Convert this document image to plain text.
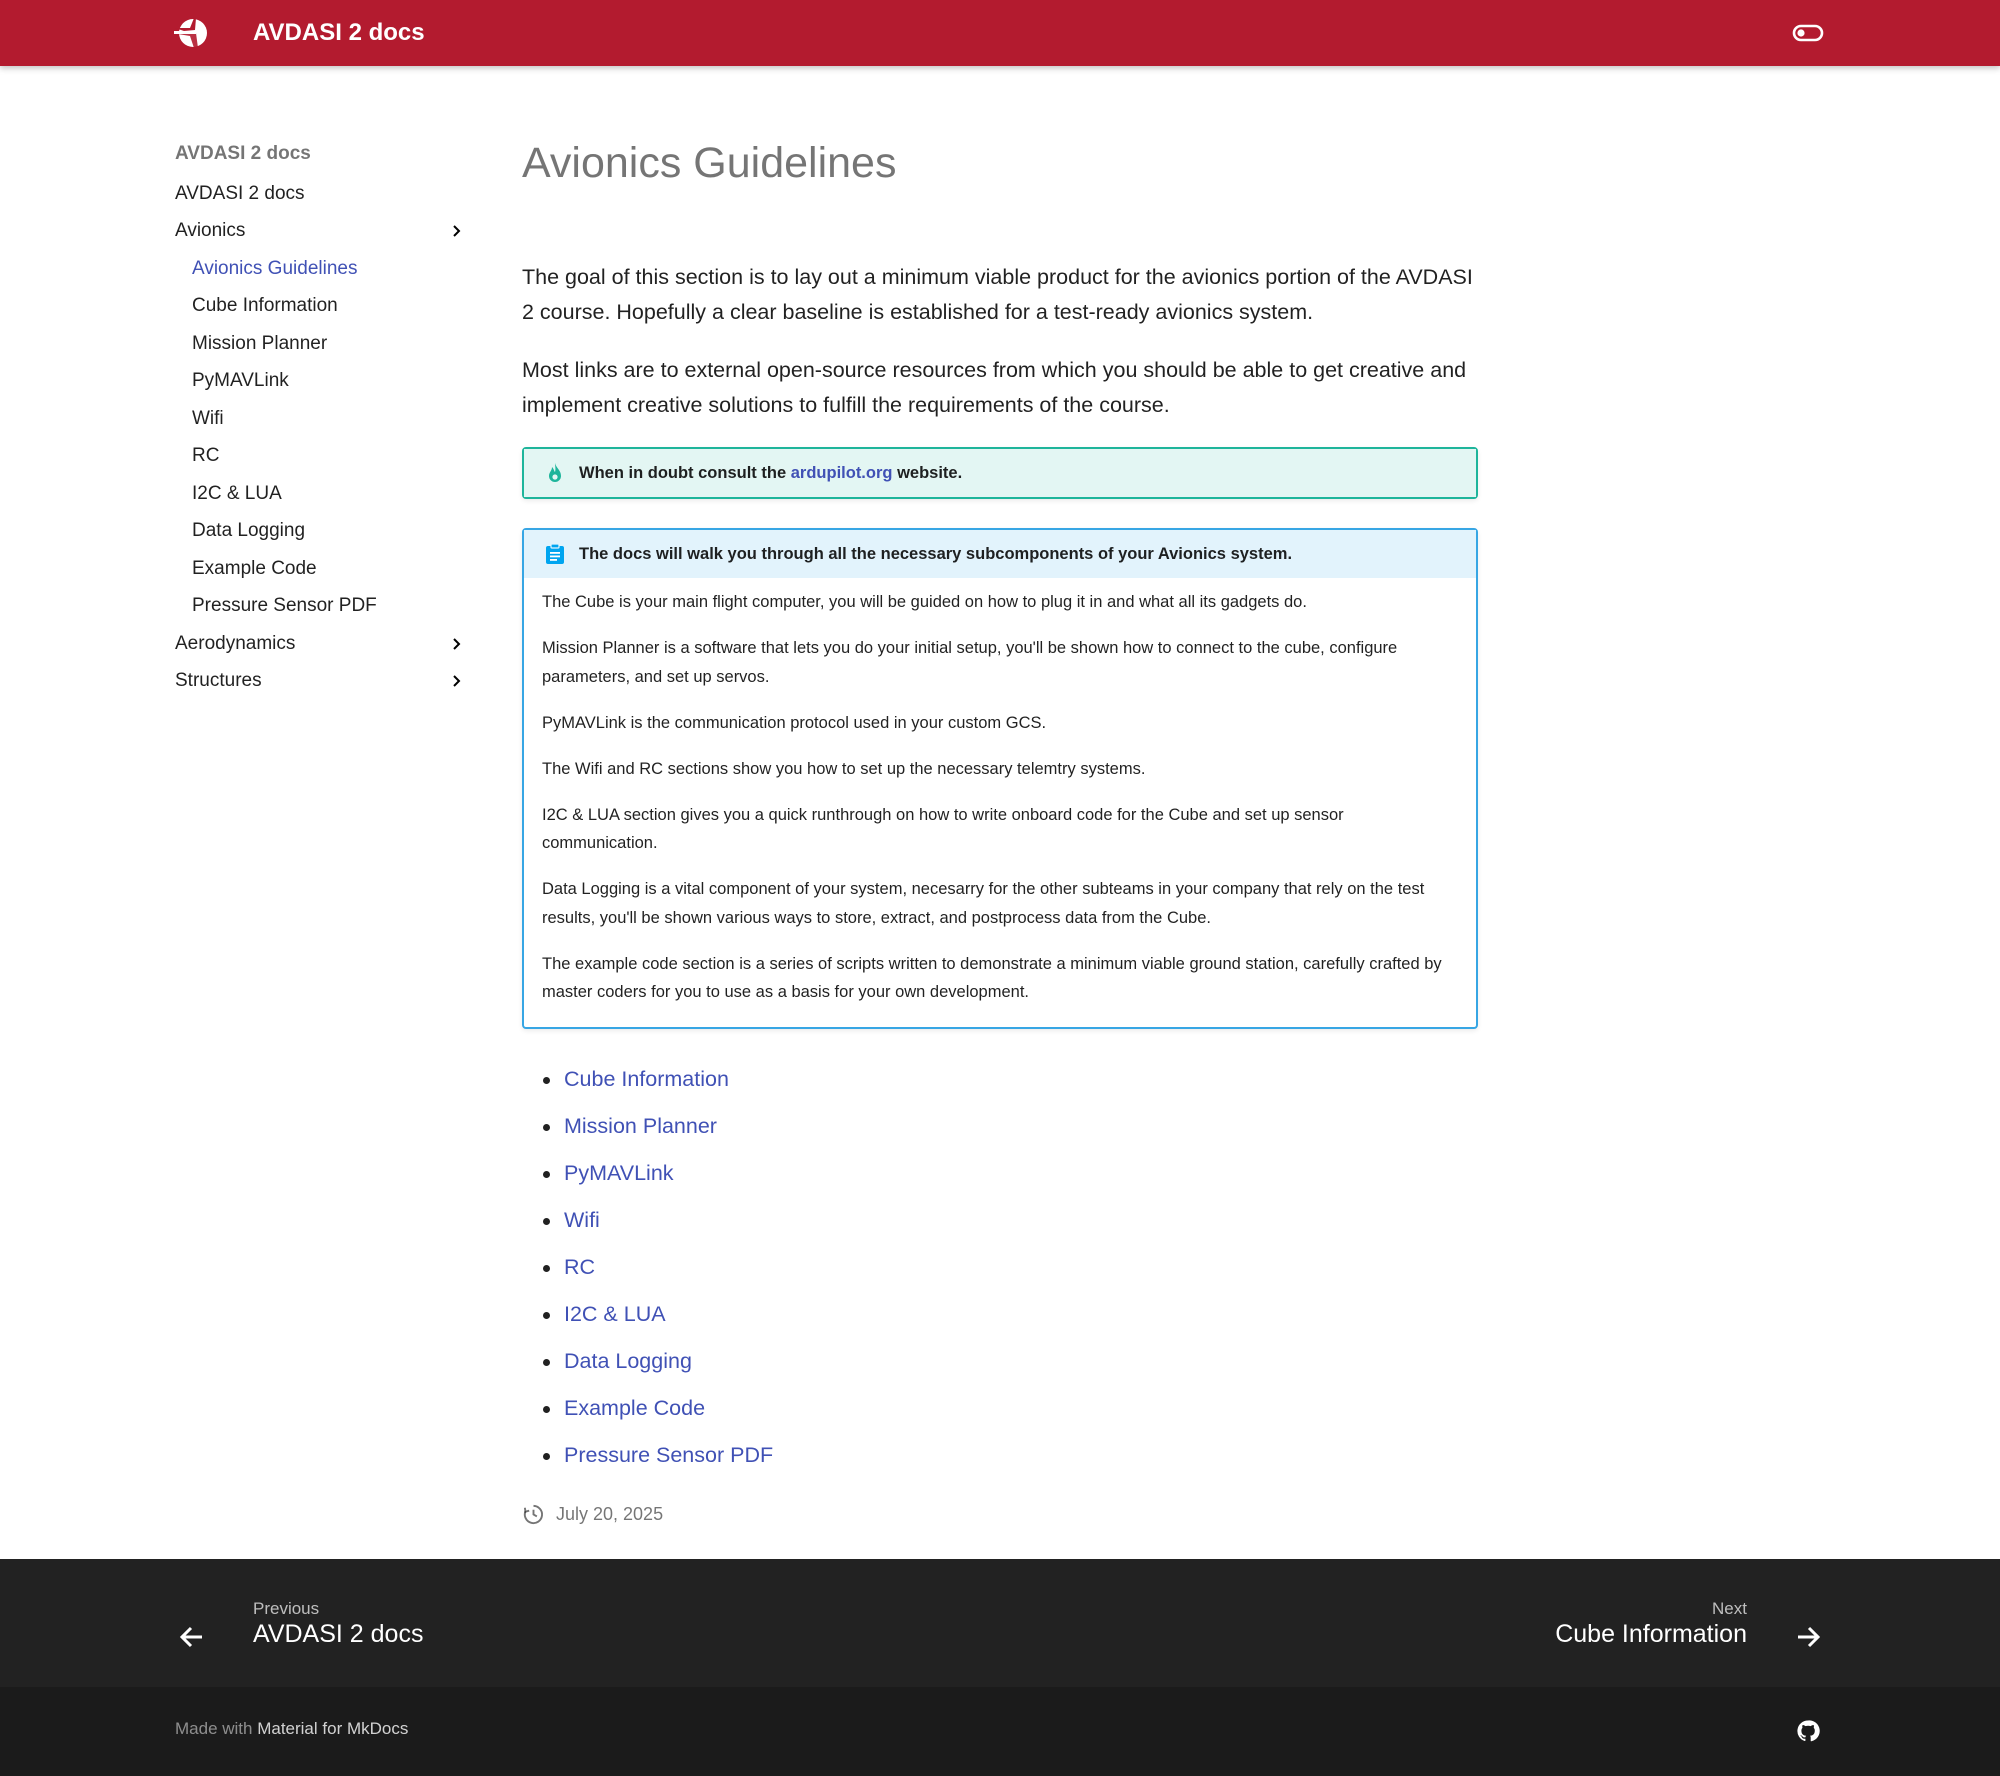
AVDASI 2 docs
AVDASI 2 docs
AVDASI 2 docs
Avionics
Avionics Guidelines
Cube Information
Mission Planner
PyMAVLink
Wifi
RC
I2C & LUA
Data Logging
Example Code
Pressure Sensor PDF
Aerodynamics
Structures
Avionics Guidelines

The goal of this section is to lay out a minimum viable product for the avionics portion of the AVDASI 2 course. Hopefully a clear baseline is established for a test-ready avionics system.

Most links are to external open-source resources from which you should be able to get creative and implement creative solutions to fulfill the requirements of the course.

When in doubt consult the ardupilot.org website.
The docs will walk you through all the necessary subcomponents of your Avionics system.

The Cube is your main flight computer, you will be guided on how to plug it in and what all its gadgets do.

Mission Planner is a software that lets you do your initial setup, you'll be shown how to connect to the cube, configure parameters, and set up servos.

PyMAVLink is the communication protocol used in your custom GCS.

The Wifi and RC sections show you how to set up the necessary telemtry systems.

I2C & LUA section gives you a quick runthrough on how to write onboard code for the Cube and set up sensor communication.

Data Logging is a vital component of your system, necesarry for the other subteams in your company that rely on the test results, you'll be shown various ways to store, extract, and postprocess data from the Cube.

The example code section is a series of scripts written to demonstrate a minimum viable ground station, carefully crafted by master coders for you to use as a basis for your own development.

Cube Information
Mission Planner
PyMAVLink
Wifi
RC
I2C & LUA
Data Logging
Example Code
Pressure Sensor PDF
July 20, 2025
Previous
AVDASI 2 docs
Next
Cube Information
Made with Material for MkDocs
